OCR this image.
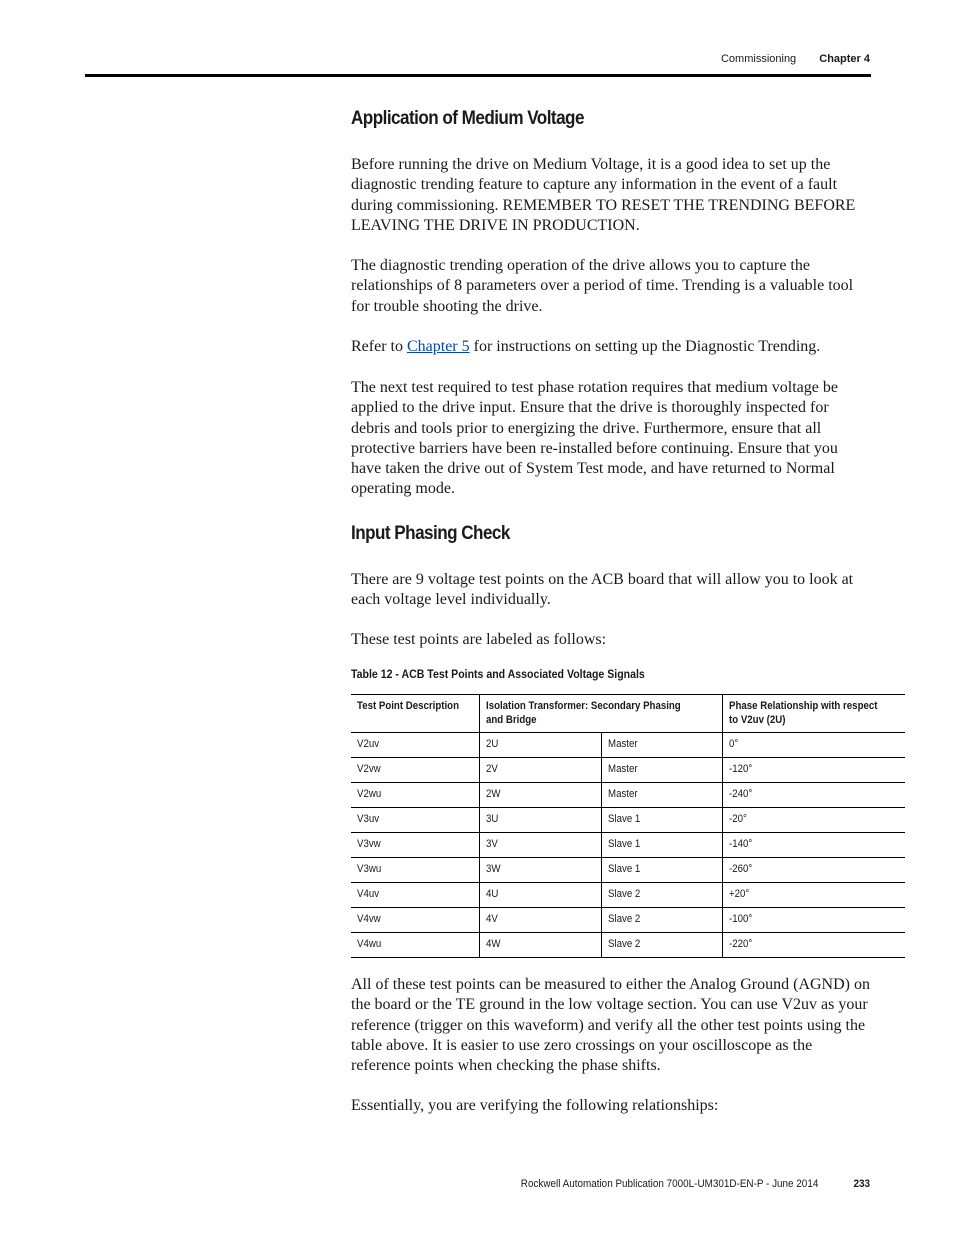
Commissioning Chapter 4
Application of Medium Voltage

Before running the drive on Medium Voltage, it is a good idea to set up the diagnostic trending feature to capture any information in the event of a fault during commissioning. REMEMBER TO RESET THE TRENDING BEFORE LEAVING THE DRIVE IN PRODUCTION.

The diagnostic trending operation of the drive allows you to capture the relationships of 8 parameters over a period of time. Trending is a valuable tool for trouble shooting the drive.

Refer to Chapter 5 for instructions on setting up the Diagnostic Trending.

The next test required to test phase rotation requires that medium voltage be applied to the drive input. Ensure that the drive is thoroughly inspected for debris and tools prior to energizing the drive. Furthermore, ensure that all protective barriers have been re-installed before continuing. Ensure that you have taken the drive out of System Test mode, and have returned to Normal operating mode.

Input Phasing Check

There are 9 voltage test points on the ACB board that will allow you to look at each voltage level individually.

These test points are labeled as follows:

Table 12 - ACB Test Points and Associated Voltage Signals
Test Point Description	Isolation Transformer: Secondary Phasing and Bridge		Phase Relationship with respect to V2uv (2U)
V2uv	2U	Master	0°
V2vw	2V	Master	-120°
V2wu	2W	Master	-240°
V3uv	3U	Slave 1	-20°
V3vw	3V	Slave 1	-140°
V3wu	3W	Slave 1	-260°
V4uv	4U	Slave 2	+20°
V4vw	4V	Slave 2	-100°
V4wu	4W	Slave 2	-220°

All of these test points can be measured to either the Analog Ground (AGND) on the board or the TE ground in the low voltage section. You can use V2uv as your reference (trigger on this waveform) and verify all the other test points using the table above. It is easier to use zero crossings on your oscilloscope as the reference points when checking the phase shifts.

Essentially, you are verifying the following relationships:

Rockwell Automation Publication 7000L-UM301D-EN-P - June 2014	233
